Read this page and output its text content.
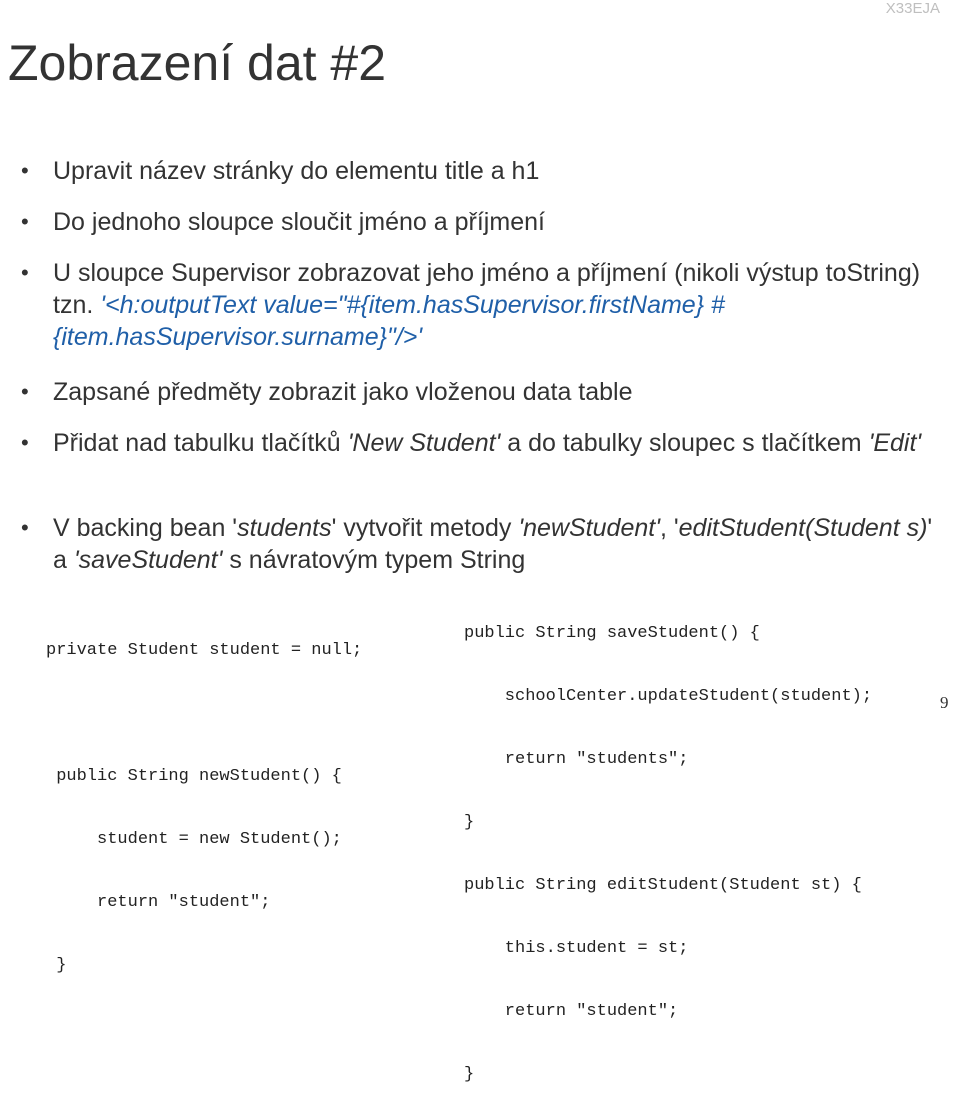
X33EJA
Zobrazení dat #2
• Upravit název stránky do elementu title a h1
• Do jednoho sloupce sloučit jméno a příjmení
• U sloupce Supervisor zobrazovat jeho jméno a příjmení (nikoli výstup toString) tzn. '<h:outputText value="#{item.hasSupervisor.firstName} #{item.hasSupervisor.surname}"/>'
• Zapsané předměty zobrazit jako vloženou data table
• Přidat nad tabulku tlačítků 'New Student' a do tabulky sloupec s tlačítkem 'Edit'
• V backing bean 'students' vytvořit metody 'newStudent', 'editStudent(Student s)' a 'saveStudent' s návratovým typem String

private Student student = null;

public String newStudent() {

student = new Student();

return "student";

}

public String saveStudent() {

schoolCenter.updateStudent(student);

return "students";

}

public String editStudent(Student st) {

this.student = st;

return "student";

}

9
